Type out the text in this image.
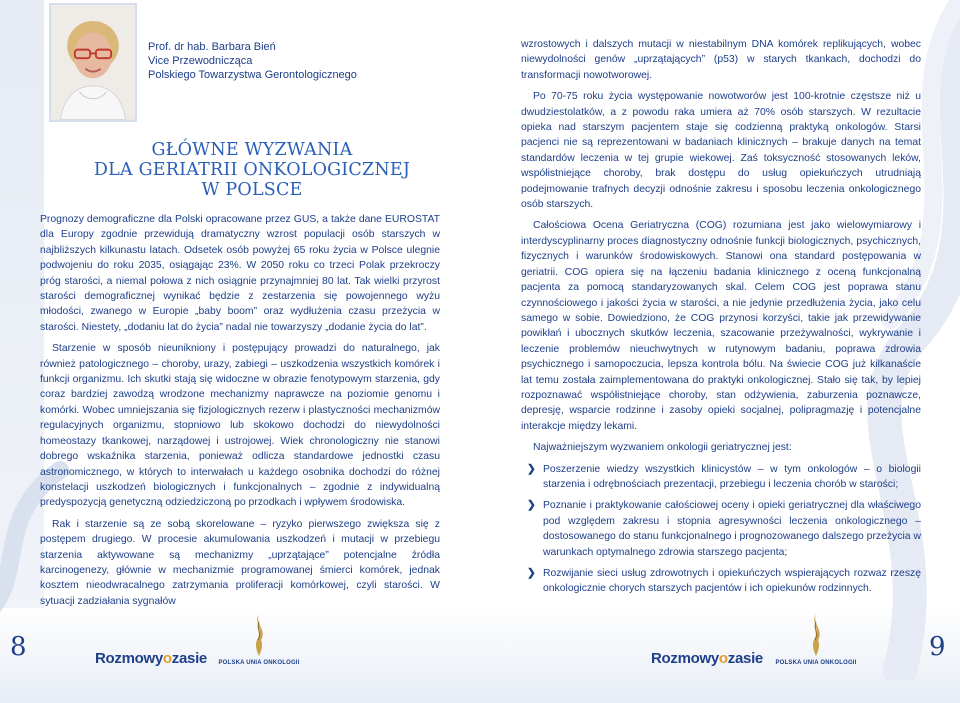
Prof. dr hab. Barbara Bień
Vice Przewodnicząca
Polskiego Towarzystwa Gerontologicznego
GŁÓWNE WYZWANIA
DLA GERIATRII ONKOLOGICZNEJ
W POLSCE

Prognozy demograficzne dla Polski opracowane przez GUS, a także dane EUROSTAT dla Europy zgodnie przewidują dramatyczny wzrost populacji osób starszych w najbliższych kilkunastu latach. Odsetek osób powyżej 65 roku życia w Polsce ulegnie podwojeniu do roku 2035, osiągając 23%. W 2050 roku co trzeci Polak przekroczy próg starości, a niemal połowa z nich osiągnie przynajmniej 80 lat. Tak wielki przyrost starości demograficznej wynikać będzie z zestarzenia się powojennego wyżu młodości, zwanego w Europie „baby boom” oraz wydłużenia czasu przeżycia w starości. Niestety, „dodaniu lat do życia” nadal nie towarzyszy „dodanie życia do lat”.

Starzenie w sposób nieunikniony i postępujący prowadzi do naturalnego, jak również patologicznego – choroby, urazy, zabiegi – uszkodzenia wszystkich komórek i funkcji organizmu. Ich skutki stają się widoczne w obrazie fenotypowym starzenia, gdy coraz bardziej zawodzą wrodzone mechanizmy naprawcze na poziomie genomu i komórki. Wobec umniejszania się fizjologicznych rezerw i plastyczności mechanizmów regulacyjnych organizmu, stopniowo lub skokowo dochodzi do niewydolności homeostazy tkankowej, narządowej i ustrojowej. Wiek chronologiczny nie stanowi dobrego wskaźnika starzenia, ponieważ odlicza standardowe jednostki czasu astronomicznego, w których to interwałach u każdego osobnika dochodzi do różnej konstelacji uszkodzeń biologicznych i funkcjonalnych – zgodnie z indywidualną predyspozycją genetyczną odziedziczoną po przodkach i wpływem środowiska.

Rak i starzenie są ze sobą skorelowane – ryzyko pierwszego zwiększa się z postępem drugiego. W procesie akumulowania uszkodzeń i mutacji w przebiegu starzenia aktywowane są mechanizmy „uprzątające” potencjalne źródła karcinogenezy, głównie w mechanizmie programowanej śmierci komórek, jednak kosztem nieodwracalnego zatrzymania proliferacji komórkowej, czyli starości. W sytuacji zadziałania sygnałów

8	Rozmowyozasie	POLSKA UNIA ONKOLOGII

wzrostowych i dalszych mutacji w niestabilnym DNA komórek replikujących, wobec niewydolności genów „uprzątających” (p53) w starych tkankach, dochodzi do transformacji nowotworowej.

Po 70-75 roku życia występowanie nowotworów jest 100-krotnie częstsze niż u dwudziestolatków, a z powodu raka umiera aż 70% osób starszych. W rezultacie opieka nad starszym pacjentem staje się codzienną praktyką onkologów. Starsi pacjenci nie są reprezentowani w badaniach klinicznych – brakuje danych na temat standardów leczenia w tej grupie wiekowej. Zaś toksyczność stosowanych leków, współistniejące choroby, brak dostępu do usług opiekuńczych utrudniają podejmowanie trafnych decyzji odnośnie zakresu i sposobu leczenia onkologicznego osób starszych.

Całościowa Ocena Geriatryczna (COG) rozumiana jest jako wielowymiarowy i interdyscyplinarny proces diagnostyczny odnośnie funkcji biologicznych, psychicznych, fizycznych i warunków środowiskowych. Stanowi ona standard postępowania w geriatrii. COG opiera się na łączeniu badania klinicznego z oceną funkcjonalną pacjenta za pomocą standaryzowanych skal. Celem COG jest poprawa stanu czynnościowego i jakości życia w starości, a nie jedynie przedłużenia życia, jako celu samego w sobie. Dowiedziono, że COG przynosi korzyści, takie jak przewidywanie powikłań i ubocznych skutków leczenia, szacowanie przeżywalności, wykrywanie i leczenie problemów nieuchwytnych w rutynowym badaniu, poprawa zdrowia psychicznego i samopoczucia, lepsza kontrola bólu. Na świecie COG już kilkanaście lat temu została zaimplementowana do praktyki onkologicznej. Stało się tak, by lepiej rozpoznawać współistniejące choroby, stan odżywienia, zaburzenia poznawcze, depresję, wsparcie rodzinne i zasoby opieki socjalnej, polipragmazję i potencjalne interakcje między lekami.

Najważniejszym wyzwaniem onkologii geriatrycznej jest:

❯ Poszerzenie wiedzy wszystkich klinicystów – w tym onkologów – o biologii starzenia i odrębnościach prezentacji, przebiegu i leczenia chorób w starości;
❯ Poznanie i praktykowanie całościowej oceny i opieki geriatrycznej dla właściwego pod względem zakresu i stopnia agresywności leczenia onkologicznego – dostosowanego do stanu funkcjonalnego i prognozowanego dalszego przeżycia w warunkach optymalnego zdrowia starszego pacjenta;
❯ Rozwijanie sieci usług zdrowotnych i opiekuńczych wspierających rozwaz rzeszę onkologicznie chorych starszych pacjentów i ich opiekunów rodzinnych.
9
Rozmowyozasie	POLSKA UNIA ONKOLOGII
